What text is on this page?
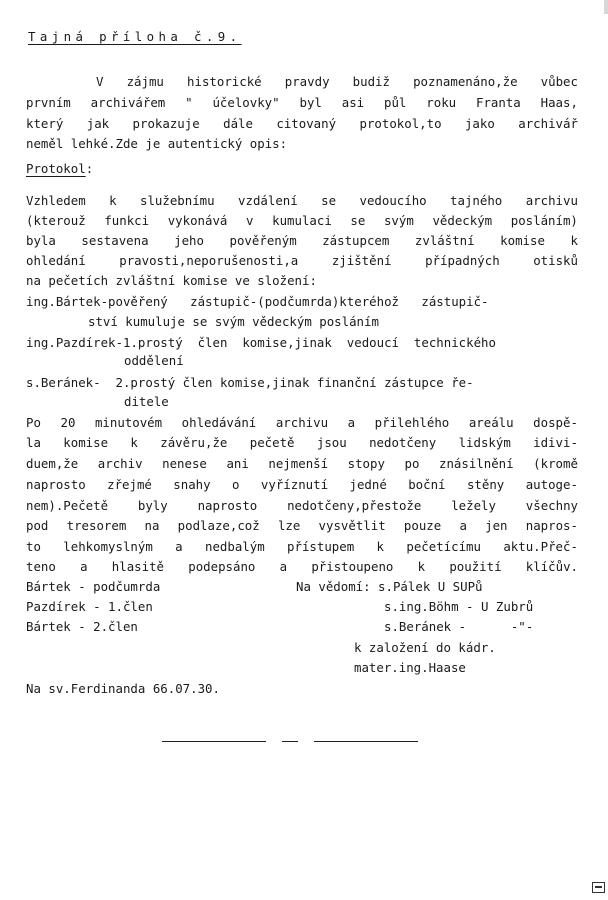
Tajná příloha č.9.
V zájmu historické pravdy budiž poznamenáno,že vůbec
prvním archivářem " účelovky" byl asi půl roku Franta Haas,
který jak prokazuje dále citovaný protokol,to jako archivář
neměl lehké.Zde je autentický opis:
Protokol:
Vzhledem k služebnímu vzdálení se vedoucího tajného archivu
(kterouž funkci vykonává v kumulaci se svým vědeckým posláním)
byla sestavena jeho pověřeným zástupcem zvláštní komise k
ohledání	pravosti,neporušenosti,a	zjištění	případných	otisků
na pečetích zvláštní komise ve složení:
ing.Bártek-pověřený   zástupič-(podčumrda)kteréhož   zástupič-
ství kumuluje se svým vědeckým posláním
ing.Pazdírek-1.prostý  člen  komise,jinak  vedoucí  technického
oddělení
s.Beránek-  2.prostý člen komise,jinak finanční zástupce ře-
ditele
Po 20 minutovém ohledávání archivu a přilehlého areálu dospě-
la komise k závěru,že pečetě jsou nedotčeny lidským idivi-
duem,že archiv nenese ani nejmenší stopy po znásilnění (kromě
naprosto zřejmé snahy o vyříznutí jedné boční stěny autoge-
nem).Pečetě byly naprosto nedotčeny,přestože ležely všechny
pod tresorem na podlaze,což lze vysvětlit pouze a jen napros-
to lehkomyslným a nedbalým přístupem k pečetícímu aktu.Přeč-
teno a hlasitě podepsáno a přistoupeno k použití klíčův.
Bártek - podčumrda
Pazdírek - 1.člen
Bártek - 2.člen
Na vědomí: s.Pálek U SUPů
s.ing.Böhm - U Zubrů
s.Beránek -      -"-
k založení do kádr.
mater.ing.Haase
Na sv.Ferdinanda 66.07.30.
